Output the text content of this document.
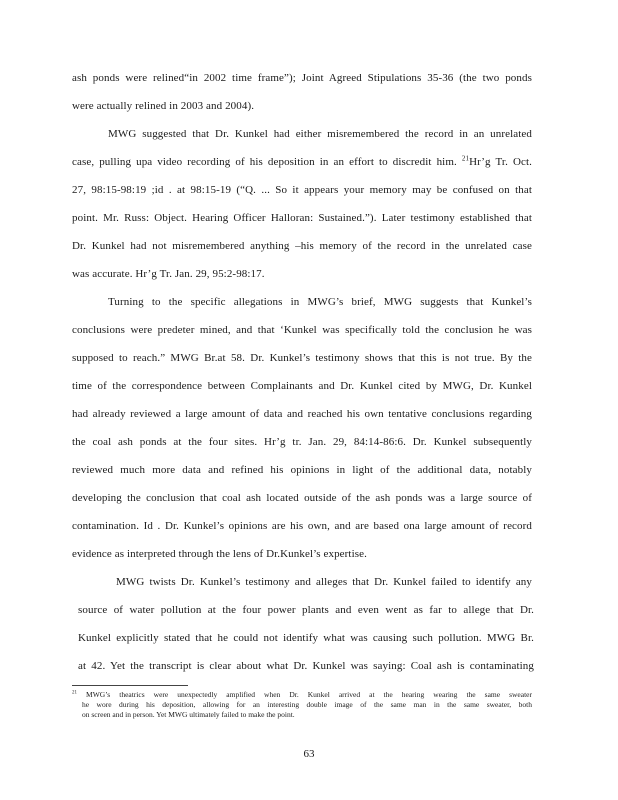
ash ponds were relined“in 2002 time frame”); Joint Agreed Stipulations 35-36 (the two ponds
were actually relined in 2003 and 2004).
MWG suggested that Dr. Kunkel had either misremembered the record in an unrelated
case, pulling upa video recording of his deposition in an effort to discredit him. $^{21}$Hr’g Tr. Oct.
27, 98:15-98:19 ;id . at 98:15-19 (“Q. ... So it appears your memory may be confused on that
point. Mr. Russ: Object. Hearing Officer Halloran: Sustained.”). Later testimony established that
Dr. Kunkel had not misremembered anything –his memory of the record in the unrelated case
was accurate. Hr’g Tr. Jan. 29, 95:2-98:17.
Turning to the specific allegations in MWG’s brief, MWG suggests that Kunkel’s
conclusions were predeter mined, and that ‘Kunkel was specifically told the conclusion he was
supposed to reach.” MWG Br.at 58. Dr. Kunkel’s testimony shows that this is not true. By the
time of the correspondence between Complainants and Dr. Kunkel cited by MWG, Dr. Kunkel
had already reviewed a large amount of data and reached his own tentative conclusions regarding
the coal ash ponds at the four sites. Hr’g tr. Jan. 29, 84:14-86:6. Dr. Kunkel subsequently
reviewed much more data and refined his opinions in light of the additional data, notably
developing the conclusion that coal ash located outside of the ash ponds was a large source of
contamination. Id . Dr. Kunkel’s opinions are his own, and are based ona large amount of record
evidence as interpreted through the lens of Dr.Kunkel’s expertise.
MWG twists Dr. Kunkel’s testimony and alleges that Dr. Kunkel failed to identify any
source of water pollution at the four power plants and even went as far to allege that Dr.
Kunkel explicitly stated that he could not identify what was causing such pollution. MWG Br.
at 42. Yet the transcript is clear about what Dr. Kunkel was saying: Coal ash is contaminating
$^{21}$ MWG’s theatrics were unexpectedly amplified when Dr. Kunkel arrived at the hearing wearing the same sweater
he wore during his deposition, allowing for an interesting double image of the same man in the same sweater, both
on screen and in person. Yet MWG ultimately failed to make the point.
63
